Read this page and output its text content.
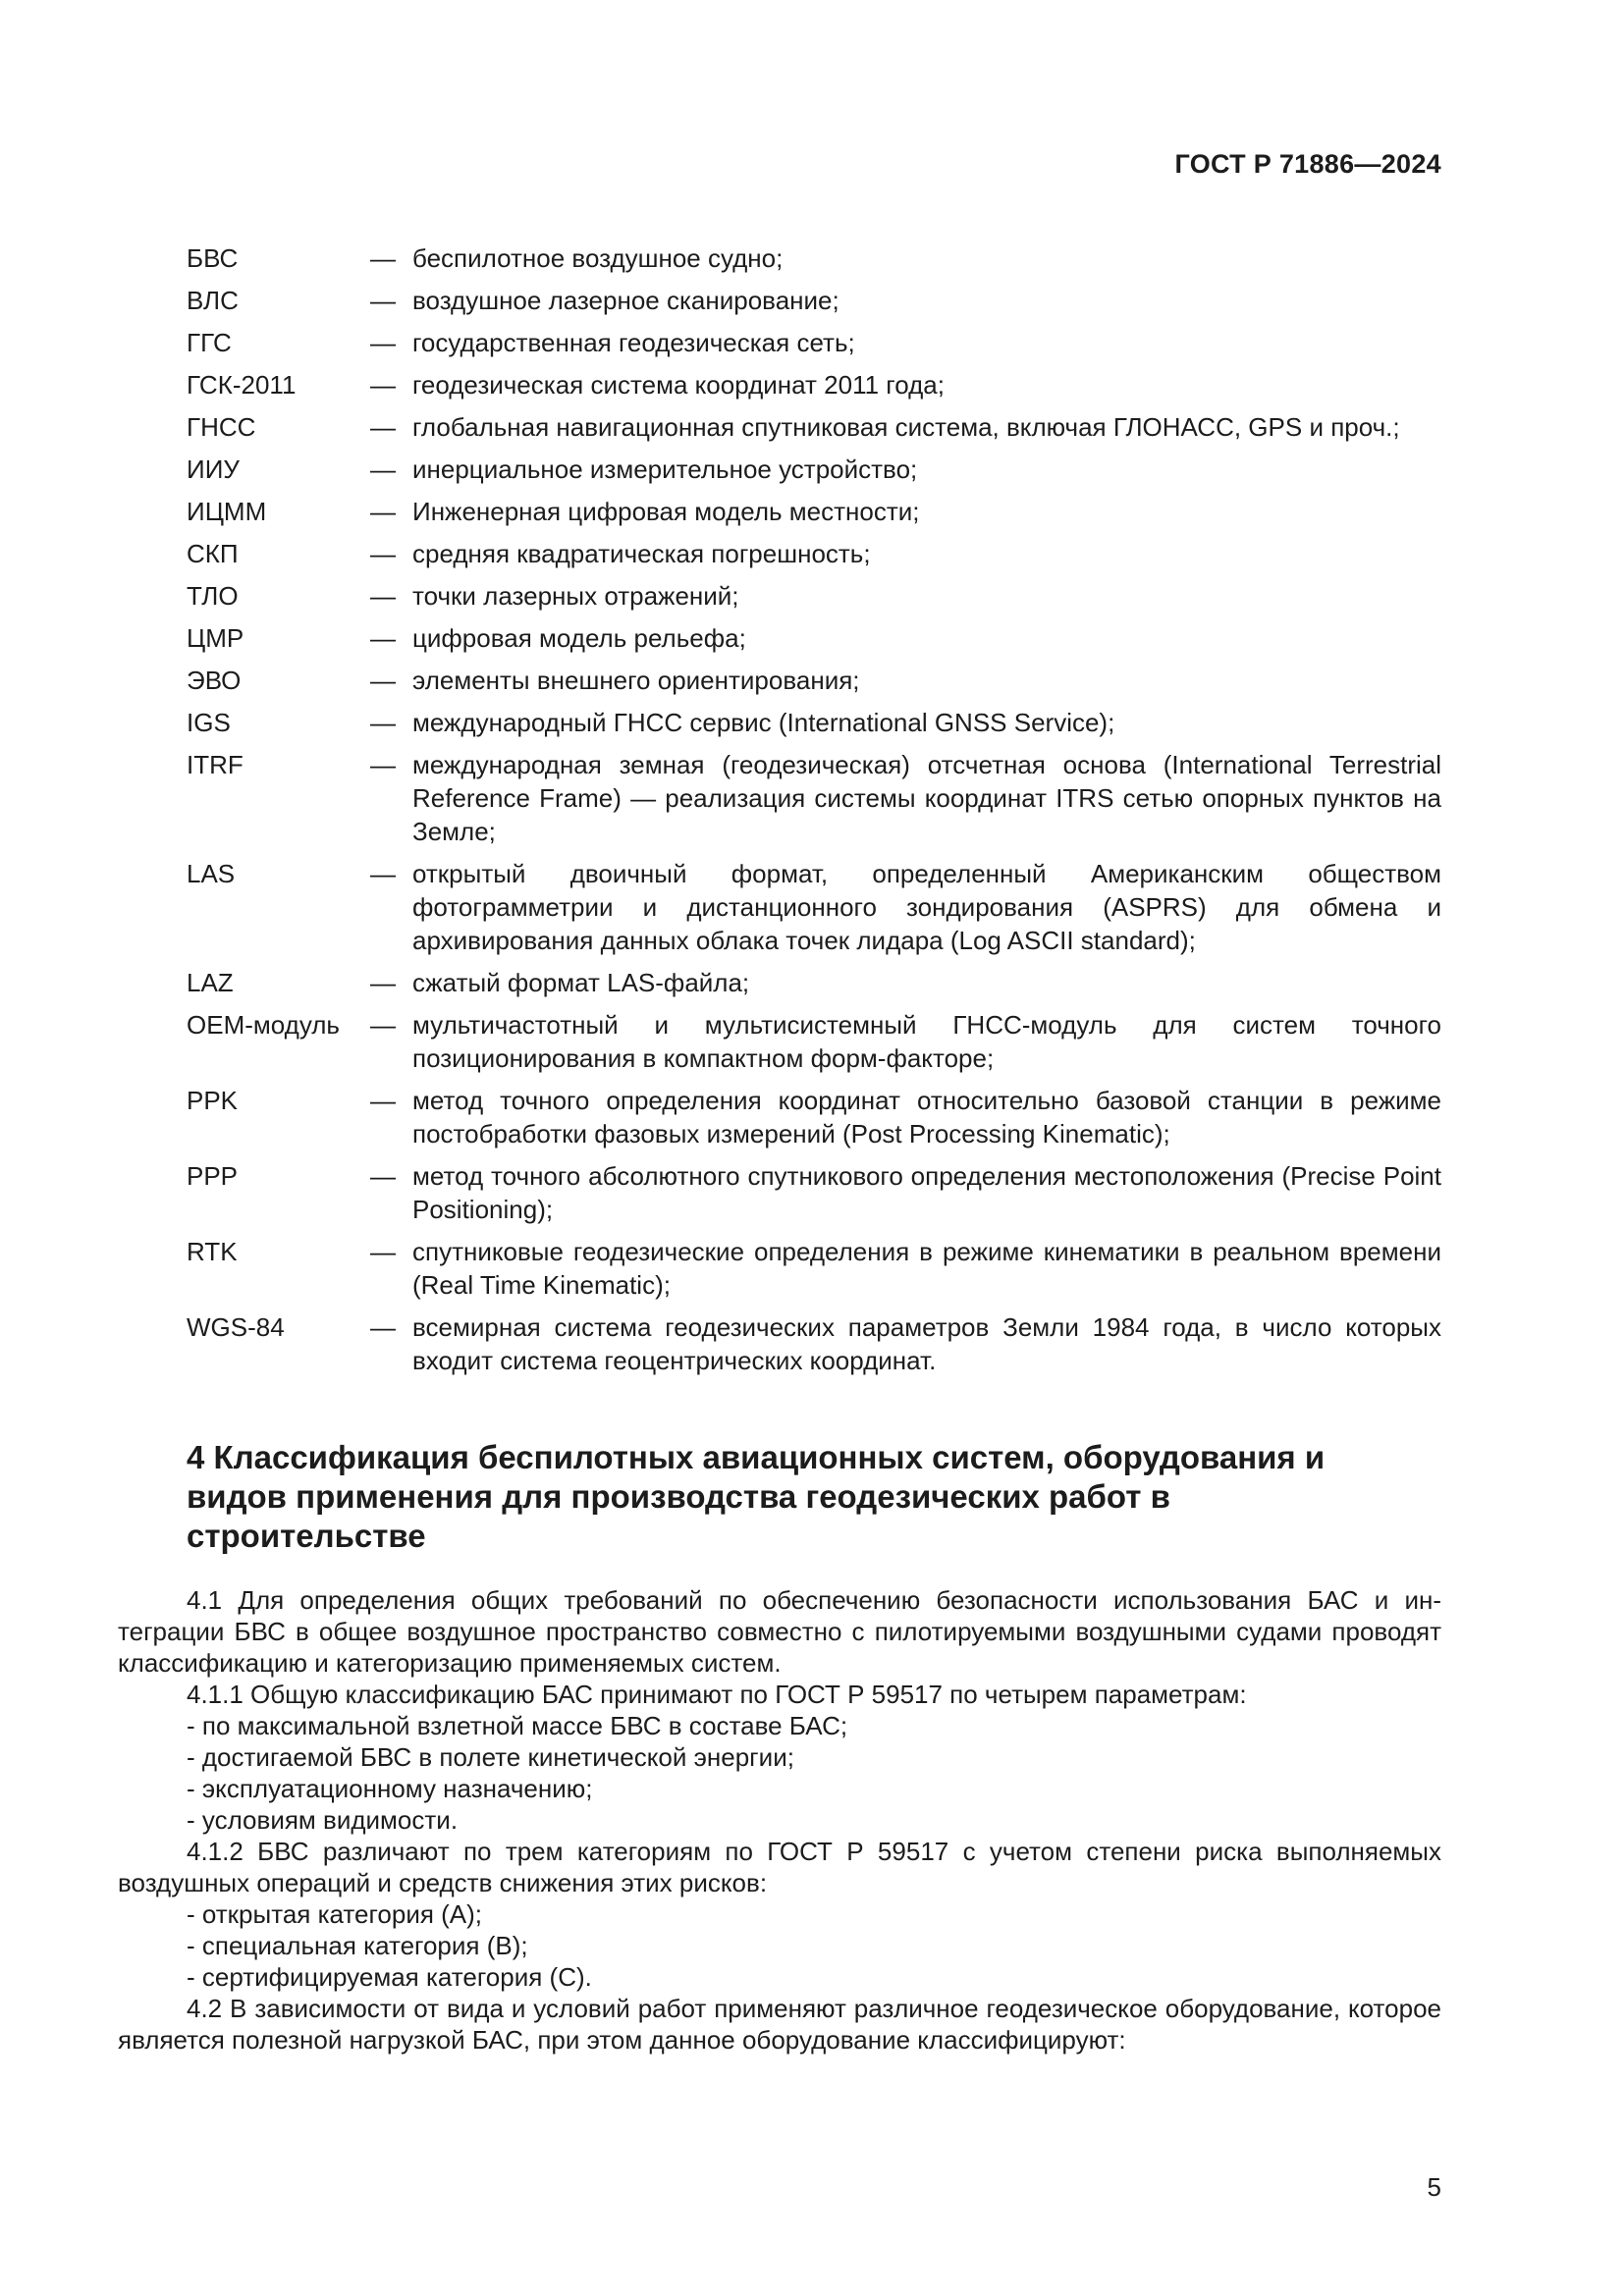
ГОСТ Р 71886—2024
БВС	— беспилотное воздушное судно;
ВЛС	— воздушное лазерное сканирование;
ГГС	— государственная геодезическая сеть;
ГСК-2011	— геодезическая система координат 2011 года;
ГНСС	— глобальная навигационная спутниковая система, включая ГЛОНАСС, GPS и проч.;
ИИУ	— инерциальное измерительное устройство;
ИЦММ	— Инженерная цифровая модель местности;
СКП	— средняя квадратическая погрешность;
ТЛО	— точки лазерных отражений;
ЦМР	— цифровая модель рельефа;
ЭВО	— элементы внешнего ориентирования;
IGS	— международный ГНСС сервис (International GNSS Service);
ITRF	— международная земная (геодезическая) отсчетная основа (International Terrestrial Reference Frame) — реализация системы координат ITRS сетью опорных пунктов на Земле;
LAS	— открытый двоичный формат, определенный Американским обществом фотограмметрии и дистанционного зондирования (ASPRS) для обмена и архивирования данных облака точек лидара (Log ASCII standard);
LAZ	— сжатый формат LAS-файла;
ОЕМ-модуль	— мультичастотный и мультисистемный ГНСС-модуль для систем точного позиционирования в компактном форм-факторе;
PPK	— метод точного определения координат относительно базовой станции в режиме постобработки фазовых измерений (Post Processing Kinematic);
PPP	— метод точного абсолютного спутникового определения местоположения (Precise Point Positioning);
RTK	— спутниковые геодезические определения в режиме кинематики в реальном времени (Real Time Kinematic);
WGS-84	— всемирная система геодезических параметров Земли 1984 года, в число которых входит система геоцентрических координат.
4 Классификация беспилотных авиационных систем, оборудования и видов применения для производства геодезических работ в строительстве

4.1 Для определения общих требований по обеспечению безопасности использования БАС и интеграции БВС в общее воздушное пространство совместно с пилотируемыми воздушными судами проводят классификацию и категоризацию применяемых систем.

4.1.1 Общую классификацию БАС принимают по ГОСТ Р 59517 по четырем параметрам:

- по максимальной взлетной массе БВС в составе БАС;

- достигаемой БВС в полете кинетической энергии;

- эксплуатационному назначению;

- условиям видимости.

4.1.2 БВС различают по трем категориям по ГОСТ Р 59517 с учетом степени риска выполняемых воздушных операций и средств снижения этих рисков:

- открытая категория (А);

- специальная категория (В);

- сертифицируемая категория (С).

4.2 В зависимости от вида и условий работ применяют различное геодезическое оборудование, которое является полезной нагрузкой БАС, при этом данное оборудование классифицируют:

5
